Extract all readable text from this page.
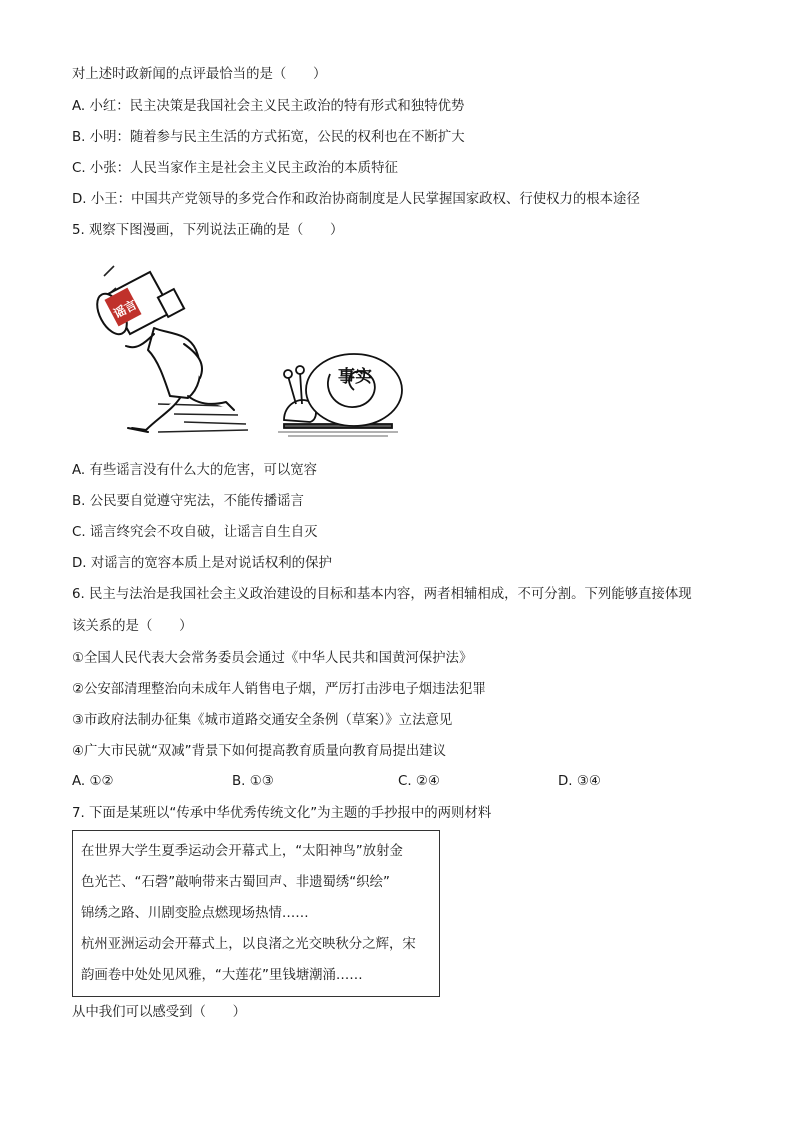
对上述时政新闻的点评最恰当的是（　　）
A. 小红：民主决策是我国社会主义民主政治的特有形式和独特优势
B. 小明：随着参与民主生活的方式拓宽，公民的权利也在不断扩大
C. 小张：人民当家作主是社会主义民主政治的本质特征
D. 小王：中国共产党领导的多党合作和政治协商制度是人民掌握国家政权、行使权力的根本途径
5. 观察下图漫画，下列说法正确的是（　　）
谣言
事实
A. 有些谣言没有什么大的危害，可以宽容
B. 公民要自觉遵守宪法，不能传播谣言
C. 谣言终究会不攻自破，让谣言自生自灭
D. 对谣言的宽容本质上是对说话权利的保护
6. 民主与法治是我国社会主义政治建设的目标和基本内容，两者相辅相成，不可分割。下列能够直接体现
该关系的是（　　）
①全国人民代表大会常务委员会通过《中华人民共和国黄河保护法》
②公安部清理整治向未成年人销售电子烟，严厉打击涉电子烟违法犯罪
③市政府法制办征集《城市道路交通安全条例（草案）》立法意见
④广大市民就“双减”背景下如何提高教育质量向教育局提出建议
A. ①②	B. ①③	C. ②④	D. ③④
7. 下面是某班以“传承中华优秀传统文化”为主题的手抄报中的两则材料
在世界大学生夏季运动会开幕式上，“太阳神鸟”放射金
色光芒、“石磬”敲响带来古蜀回声、非遗蜀绣“织绘”
锦绣之路、川剧变脸点燃现场热情……
杭州亚洲运动会开幕式上，以良渚之光交映秋分之辉，宋
韵画卷中处处见风雅，“大莲花”里钱塘潮涌……
从中我们可以感受到（　　）
